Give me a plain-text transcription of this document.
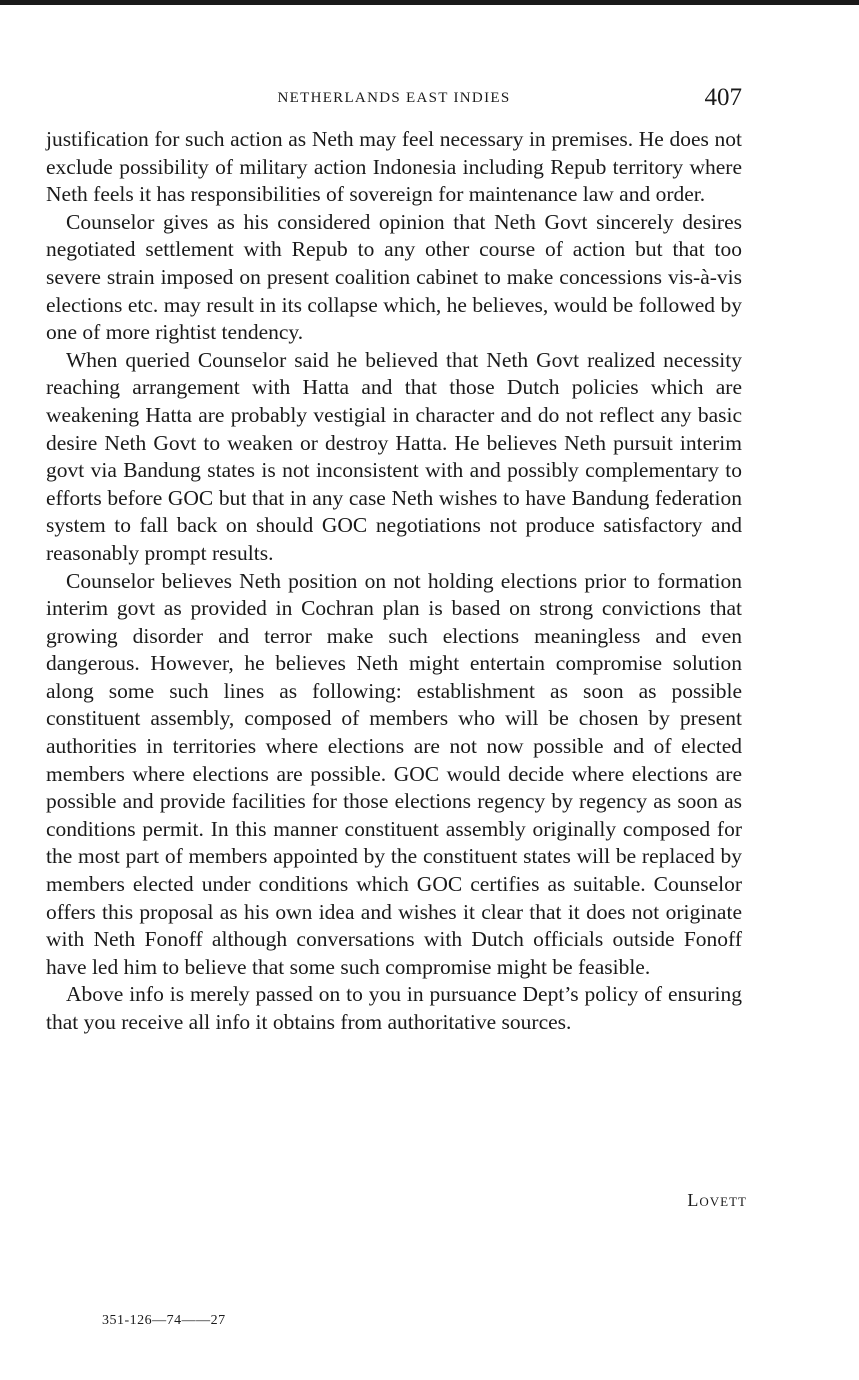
NETHERLANDS EAST INDIES	407

justification for such action as Neth may feel necessary in premises. He does not exclude possibility of military action Indonesia including Repub territory where Neth feels it has responsibilities of sovereign for maintenance law and order.

Counselor gives as his considered opinion that Neth Govt sincerely desires negotiated settlement with Repub to any other course of action but that too severe strain imposed on present coalition cabinet to make concessions vis-à-vis elections etc. may result in its collapse which, he believes, would be followed by one of more rightist tendency.

When queried Counselor said he believed that Neth Govt realized necessity reaching arrangement with Hatta and that those Dutch policies which are weakening Hatta are probably vestigial in character and do not reflect any basic desire Neth Govt to weaken or destroy Hatta. He believes Neth pursuit interim govt via Bandung states is not inconsistent with and possibly complementary to efforts before GOC but that in any case Neth wishes to have Bandung federation system to fall back on should GOC negotiations not produce satisfactory and reasonably prompt results.

Counselor believes Neth position on not holding elections prior to formation interim govt as provided in Cochran plan is based on strong convictions that growing disorder and terror make such elections meaningless and even dangerous. However, he believes Neth might entertain compromise solution along some such lines as following: establishment as soon as possible constituent assembly, composed of members who will be chosen by present authorities in territories where elections are not now possible and of elected members where elections are possible. GOC would decide where elections are possible and provide facilities for those elections regency by regency as soon as conditions permit. In this manner constituent assembly originally composed for the most part of members appointed by the constituent states will be replaced by members elected under conditions which GOC certifies as suitable. Counselor offers this proposal as his own idea and wishes it clear that it does not originate with Neth Fonoff although conversations with Dutch officials outside Fonoff have led him to believe that some such compromise might be feasible.

Above info is merely passed on to you in pursuance Dept’s policy of ensuring that you receive all info it obtains from authoritative sources.

Lovett
351-126—74——27
